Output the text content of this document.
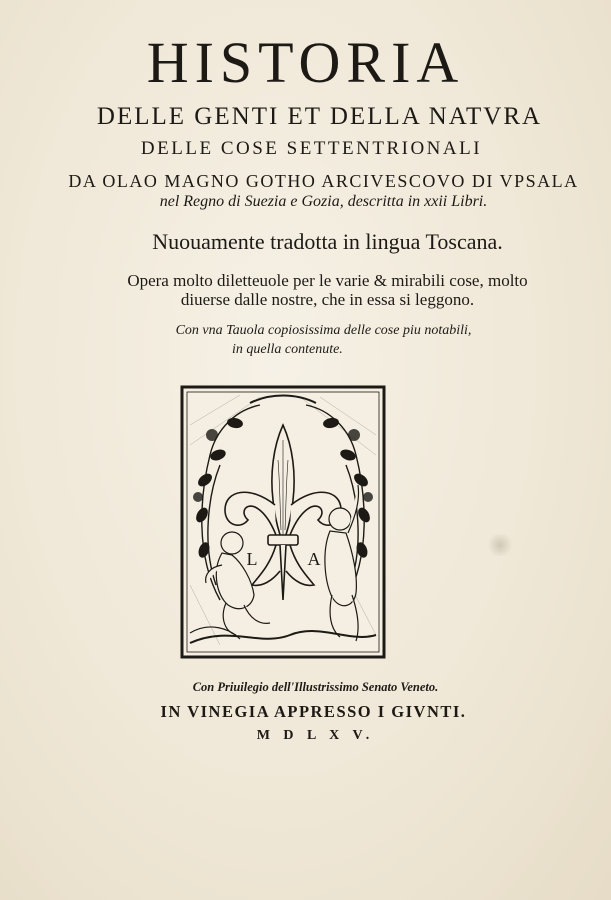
HISTORIA
DELLE GENTI ET DELLA NATVRA
DELLE COSE SETTENTRIONALI
DA OLAO MAGNO GOTHO ARCIVESCOVO DI VPSALA
nel Regno di Suezia e Gozia, descritta in xxii Libri.
Nuouamente tradotta in lingua Toscana.
Opera molto diletteuole per le varie & mirabili cose, molto
diuerse dalle nostre, che in essa si leggono.
Con vna Tauola copiosissima delle cose piu notabili,
in quella contenute.
L	A
Con Priuilegio dell'Illustrissimo Senato Veneto.
IN VINEGIA APPRESSO I GIVNTI.
M D L X V.
